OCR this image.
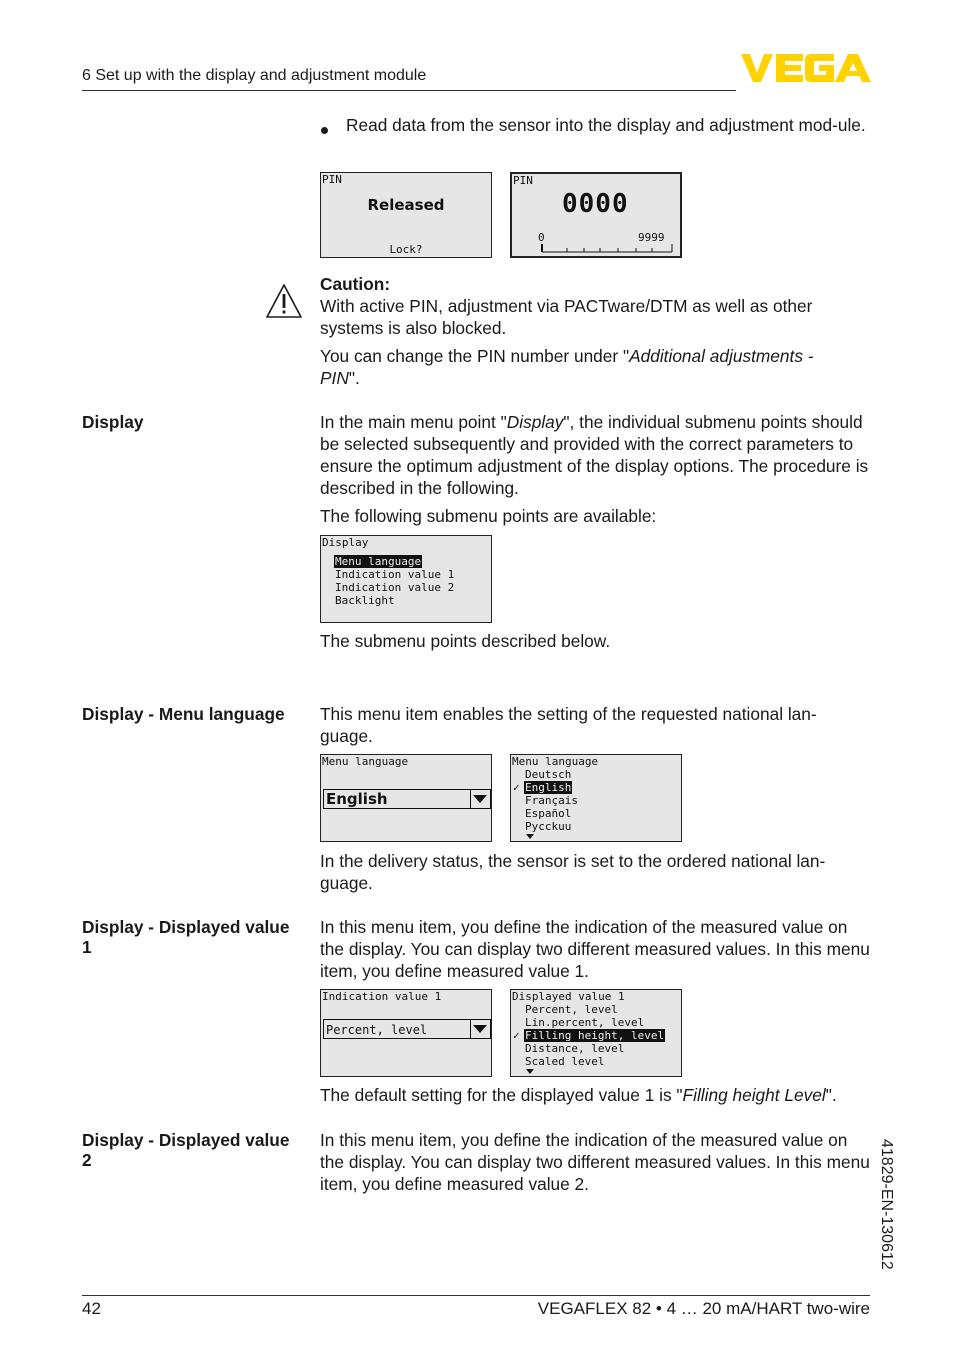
6 Set up with the display and adjustment module
Read data from the sensor into the display and adjustment mod-ule.
PIN
Released
Lock?
PIN
0000
0	9999
Caution:
With active PIN, adjustment via PACTware/DTM as well as other systems is also blocked.
You can change the PIN number under "Additional adjustments - PIN".
Display	In the main menu point "Display", the individual submenu points should be selected subsequently and provided with the correct parameters to ensure the optimum adjustment of the display options. The procedure is described in the following.
The following submenu points are available:
Display
Menu language
Indication value 1
Indication value 2
Backlight
The submenu points described below.
Display - Menu language	This menu item enables the setting of the requested national lan-guage.
Menu language
English
Menu language
Deutsch
✓ English
Français
Español
Pycckuu
In the delivery status, the sensor is set to the ordered national lan-guage.
Display - Displayed value
1
In this menu item, you define the indication of the measured value on the display. You can display two different measured values. In this menu item, you define measured value 1.
Indication value 1
Percent, level
Displayed value 1
Percent, level
Lin.percent, level
✓ Filling height, level
Distance, level
Scaled level
The default setting for the displayed value 1 is "Filling height Level".
Display - Displayed value
2
In this menu item, you define the indication of the measured value on the display. You can display two different measured values. In this menu item, you define measured value 2.	41829-EN-130612
42	VEGAFLEX 82 • 4 … 20 mA/HART two-wire
